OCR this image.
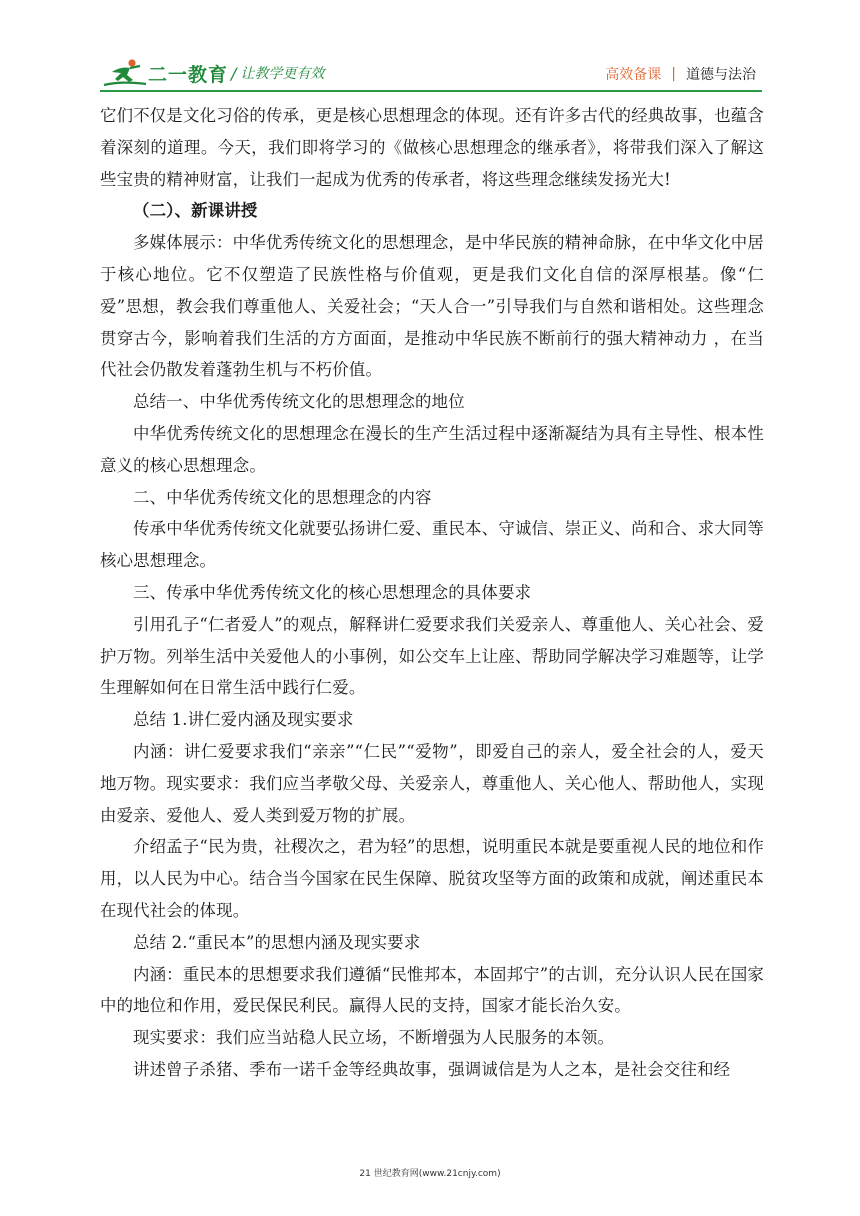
二一教育 / 让教学更有效	高效备课 | 道德与法治

它们不仅是文化习俗的传承，更是核心思想理念的体现。还有许多古代的经典故事，也蕴含着深刻的道理。今天，我们即将学习的《做核心思想理念的继承者》，将带我们深入了解这些宝贵的精神财富，让我们一起成为优秀的传承者，将这些理念继续发扬光大!

（二）、新课讲授

多媒体展示：中华优秀传统文化的思想理念，是中华民族的精神命脉，在中华文化中居于核心地位。它不仅塑造了民族性格与价值观，更是我们文化自信的深厚根基。像“仁爱”思想，教会我们尊重他人、关爱社会；“天人合一”引导我们与自然和谐相处。这些理念贯穿古今，影响着我们生活的方方面面，是推动中华民族不断前行的强大精神动力 ，在当代社会仍散发着蓬勃生机与不朽价值。

总结一、中华优秀传统文化的思想理念的地位

中华优秀传统文化的思想理念在漫长的生产生活过程中逐渐凝结为具有主导性、根本性意义的核心思想理念。

二、中华优秀传统文化的思想理念的内容

传承中华优秀传统文化就要弘扬讲仁爱、重民本、守诚信、崇正义、尚和合、求大同等核心思想理念。

三、传承中华优秀传统文化的核心思想理念的具体要求

引用孔子“仁者爱人”的观点，解释讲仁爱要求我们关爱亲人、尊重他人、关心社会、爱护万物。列举生活中关爱他人的小事例，如公交车上让座、帮助同学解决学习难题等，让学生理解如何在日常生活中践行仁爱。

总结 1.讲仁爱内涵及现实要求

内涵：讲仁爱要求我们“亲亲”“仁民”“爱物”，即爱自己的亲人，爱全社会的人，爱天地万物。现实要求：我们应当孝敬父母、关爱亲人，尊重他人、关心他人、帮助他人，实现由爱亲、爱他人、爱人类到爱万物的扩展。

介绍孟子“民为贵，社稷次之，君为轻”的思想，说明重民本就是要重视人民的地位和作用，以人民为中心。结合当今国家在民生保障、脱贫攻坚等方面的政策和成就，阐述重民本在现代社会的体现。

总结 2.“重民本”的思想内涵及现实要求

内涵：重民本的思想要求我们遵循“民惟邦本，本固邦宁”的古训，充分认识人民在国家中的地位和作用，爱民保民利民。赢得人民的支持，国家才能长治久安。

现实要求：我们应当站稳人民立场，不断增强为人民服务的本领。

讲述曾子杀猪、季布一诺千金等经典故事，强调诚信是为人之本，是社会交往和经

21 世纪教育网(www.21cnjy.com)
